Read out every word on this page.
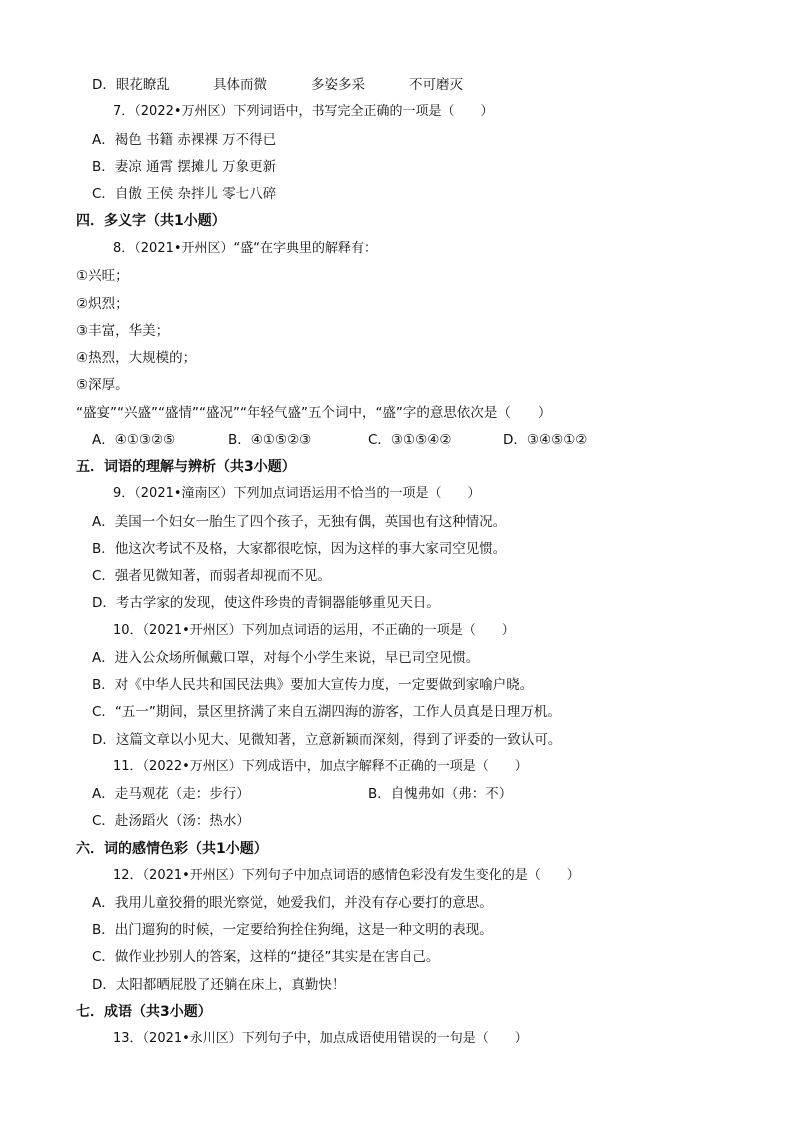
D．眼花瞭乱	具体而微	多姿多采	不可磨灭
7．（2022•万州区）下列词语中，书写完全正确的一项是（　　）
A．褐色 书籍 赤裸裸 万不得已
B．妻凉 通霄 摆摊儿 万象更新
C．自傲 王侯 杂拌儿 零七八碎
四．多义字（共1小题）
8．（2021•开州区）“盛“在字典里的解释有：
①兴旺；
②炽烈；
③丰富，华美；
④热烈，大规模的；
⑤深厚。
“盛宴”“兴盛”“盛情”“盛况”“年轻气盛”五个词中，“盛”字的意思依次是（　　）
A．④①③②⑤	B．④①⑤②③	C．③①⑤④②	D．③④⑤①②
五．词语的理解与辨析（共3小题）
9．（2021•潼南区）下列加点词语运用不恰当的一项是（　　）
A．美国一个妇女一胎生了四个孩子，无独有偶，英国也有这种情况。
B．他这次考试不及格，大家都很吃惊，因为这样的事大家司空见惯。
C．强者见微知著，而弱者却视而不见。
D．考古学家的发现，使这件珍贵的青铜器能够重见天日。
10．（2021•开州区）下列加点词语的运用，不正确的一项是（　　）
A．进入公众场所佩戴口罩，对每个小学生来说，早已司空见惯。
B．对《中华人民共和国民法典》要加大宣传力度，一定要做到家喻户晓。
C．“五一”期间，景区里挤满了来自五湖四海的游客，工作人员真是日理万机。
D．这篇文章以小见大、见微知著，立意新颖而深刻，得到了评委的一致认可。
11．（2022•万州区）下列成语中，加点字解释不正确的一项是（　　）
A．走马观花（走：步行）	B．自愧弗如（弗：不）
C．赴汤蹈火（汤：热水）
六．词的感情色彩（共1小题）
12．（2021•开州区）下列句子中加点词语的感情色彩没有发生变化的是（　　）
A．我用儿童狡猾的眼光察觉，她爱我们，并没有存心要打的意思。
B．出门遛狗的时候，一定要给狗拴住狗绳，这是一种文明的表现。
C．做作业抄别人的答案，这样的“捷径”其实是在害自己。
D．太阳都晒屁股了还躺在床上，真勤快！
七．成语（共3小题）
13．（2021•永川区）下列句子中，加点成语使用错误的一句是（　　）
